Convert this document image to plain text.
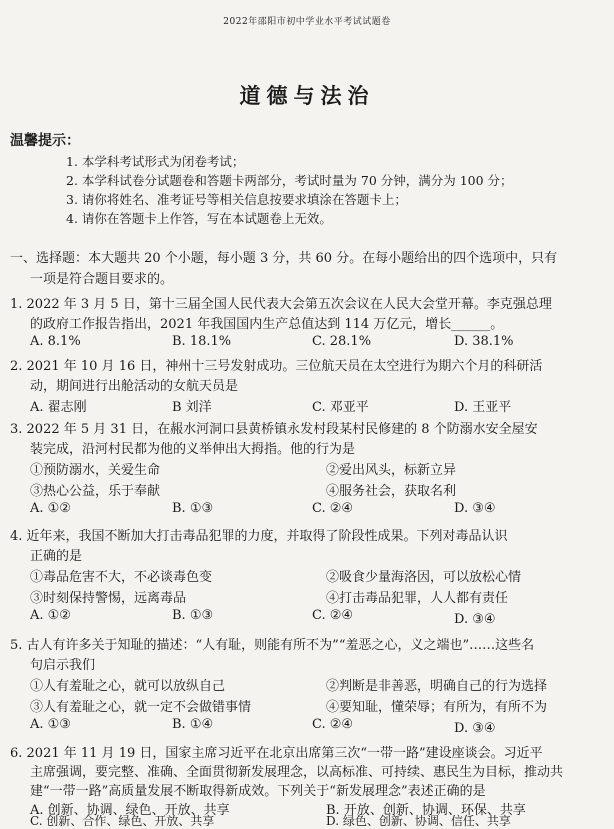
2022年邵阳市初中学业水平考试试题卷
道德与法治
温馨提示：
1. 本学科考试形式为闭卷考试；
2. 本学科试卷分试题卷和答题卡两部分，考试时量为 70 分钟，满分为 100 分；
3. 请你将姓名、准考证号等相关信息按要求填涂在答题卡上；
4. 请你在答题卡上作答，写在本试题卷上无效。
一、选择题：本大题共 20 个小题，每小题 3 分，共 60 分。在每小题给出的四个选项中，只有
一项是符合题目要求的。
1. 2022 年 3 月 5 日，第十三届全国人民代表大会第五次会议在人民大会堂开幕。李克强总理
的政府工作报告指出，2021 年我国国内生产总值达到 114 万亿元，增长______。
A. 8.1%	B. 18.1%	C. 28.1%	D. 38.1%
2. 2021 年 10 月 16 日，神州十三号发射成功。三位航天员在太空进行为期六个月的科研活
动，期间进行出舱活动的女航天员是
A. 翟志刚	B 刘洋	C. 邓亚平	D. 王亚平
3. 2022 年 5 月 31 日，在赧水河洞口县黄桥镇永发村段某村民修建的 8 个防溺水安全屋安
装完成，沿河村民都为他的义举伸出大拇指。他的行为是
①预防溺水，关爱生命	②爱出风头，标新立异
③热心公益，乐于奉献	④服务社会，获取名利
A. ①②	B. ①③	C. ②④	D. ③④
4. 近年来，我国不断加大打击毒品犯罪的力度，并取得了阶段性成果。下列对毒品认识
正确的是
①毒品危害不大，不必谈毒色变	②吸食少量海洛因，可以放松心情
③时刻保持警惕，远离毒品	④打击毒品犯罪，人人都有责任
A. ①②	B. ①③	C. ②④	D. ③④
5. 古人有许多关于知耻的描述：“人有耻，则能有所不为”“羞恶之心，义之端也”……这些名
句启示我们
①人有羞耻之心，就可以放纵自己	②判断是非善恶，明确自己的行为选择
③人有羞耻之心，就一定不会做错事情	④要知耻，懂荣辱；有所为，有所不为
A. ①③	B. ①④	C. ②④	D. ③④
6. 2021 年 11 月 19 日，国家主席习近平在北京出席第三次“一带一路”建设座谈会。习近平
主席强调，要完整、准确、全面贯彻新发展理念，以高标准、可持续、惠民生为目标，推动共
建“一带一路”高质量发展不断取得新成效。下列关于“新发展理念”表述正确的是
A. 创新、协调、绿色、开放、共享	B. 开放、创新、协调、环保、共享
C. 创新、合作、绿色、开放、共享	D. 绿色、创新、协调、信任、共享
